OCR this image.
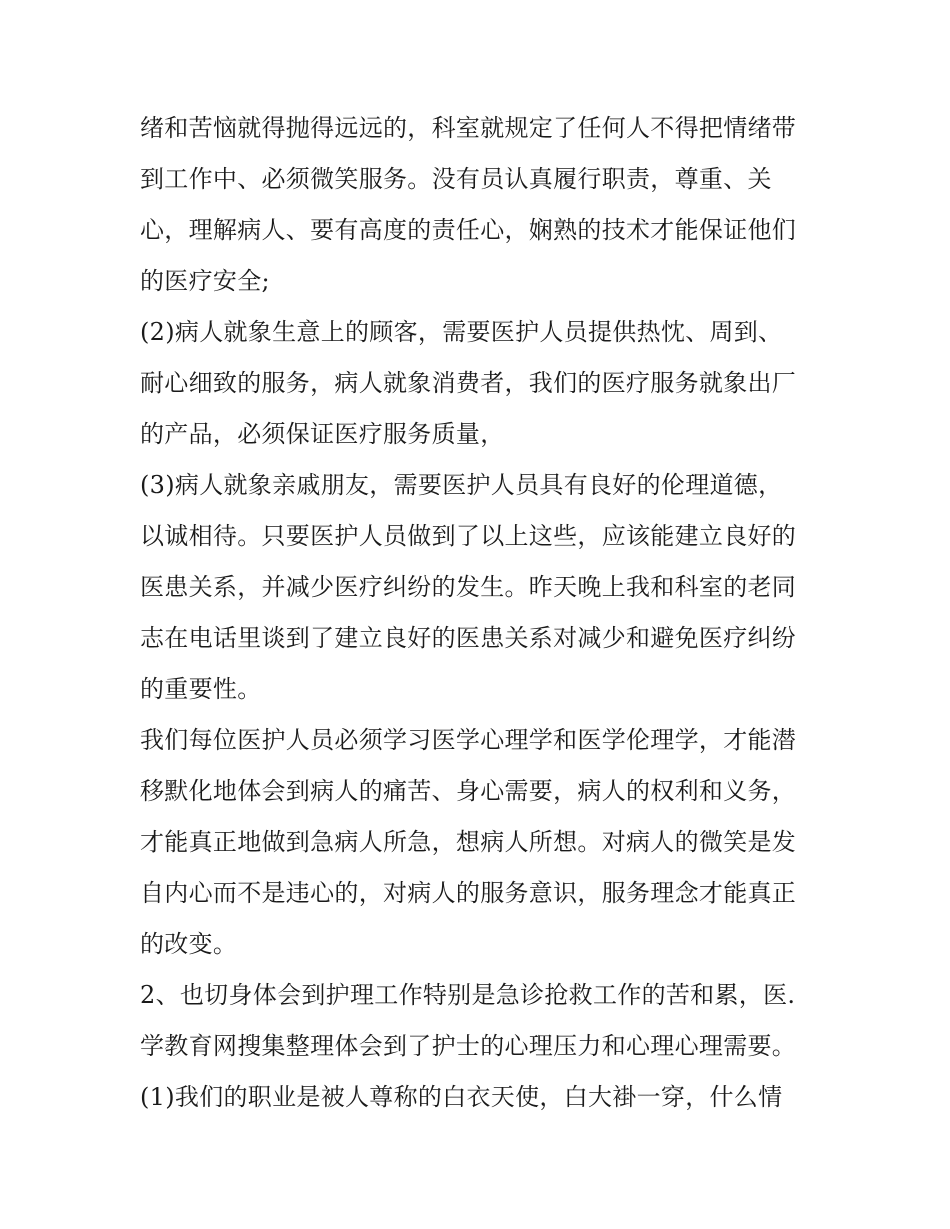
绪和苦恼就得抛得远远的，科室就规定了任何人不得把情绪带
到工作中、必须微笑服务。没有员认真履行职责，尊重、关
心，理解病人、要有高度的责任心，娴熟的技术才能保证他们
的医疗安全;
(2)病人就象生意上的顾客，需要医护人员提供热忱、周到、
耐心细致的服务，病人就象消费者，我们的医疗服务就象出厂
的产品，必须保证医疗服务质量，
(3)病人就象亲戚朋友，需要医护人员具有良好的伦理道德，
以诚相待。只要医护人员做到了以上这些，应该能建立良好的
医患关系，并减少医疗纠纷的发生。昨天晚上我和科室的老同
志在电话里谈到了建立良好的医患关系对减少和避免医疗纠纷
的重要性。
我们每位医护人员必须学习医学心理学和医学伦理学，才能潜
移默化地体会到病人的痛苦、身心需要，病人的权利和义务，
才能真正地做到急病人所急，想病人所想。对病人的微笑是发
自内心而不是违心的，对病人的服务意识，服务理念才能真正
的改变。
2、也切身体会到护理工作特别是急诊抢救工作的苦和累，医.
学教育网搜集整理体会到了护士的心理压力和心理心理需要。
(1)我们的职业是被人尊称的白衣天使，白大褂一穿，什么情
